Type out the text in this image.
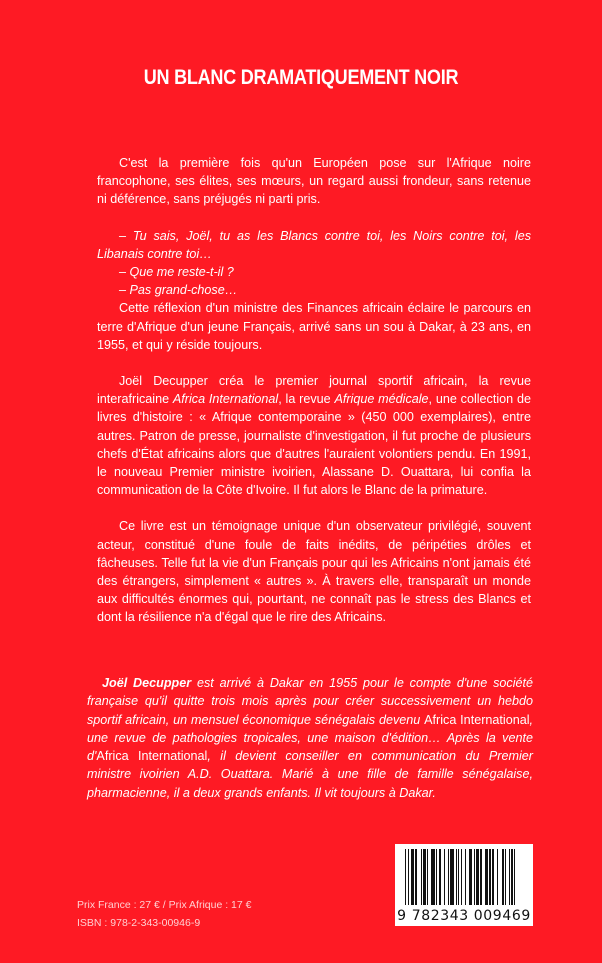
UN BLANC DRAMATIQUEMENT NOIR

C'est la première fois qu'un Européen pose sur l'Afrique noire francophone, ses élites, ses mœurs, un regard aussi frondeur, sans retenue ni déférence, sans préjugés ni parti pris.

– Tu sais, Joël, tu as les Blancs contre toi, les Noirs contre toi, les Libanais contre toi…

– Que me reste-t-il ?

– Pas grand-chose…

Cette réflexion d'un ministre des Finances africain éclaire le parcours en terre d'Afrique d'un jeune Français, arrivé sans un sou à Dakar, à 23 ans, en 1955, et qui y réside toujours.

Joël Decupper créa le premier journal sportif africain, la revue interafricaine Africa International, la revue Afrique médicale, une collection de livres d'histoire : « Afrique contemporaine » (450 000 exemplaires), entre autres. Patron de presse, journaliste d'investigation, il fut proche de plusieurs chefs d'État africains alors que d'autres l'auraient volontiers pendu. En 1991, le nouveau Premier ministre ivoirien, Alassane D. Ouattara, lui confia la communication de la Côte d'Ivoire. Il fut alors le Blanc de la primature.

Ce livre est un témoignage unique d'un observateur privilégié, souvent acteur, constitué d'une foule de faits inédits, de péripéties drôles et fâcheuses. Telle fut la vie d'un Français pour qui les Africains n'ont jamais été des étrangers, simplement « autres ». À travers elle, transparaît un monde aux difficultés énormes qui, pourtant, ne connaît pas le stress des Blancs et dont la résilience n'a d'égal que le rire des Africains.

Joël Decupper est arrivé à Dakar en 1955 pour le compte d'une société française qu'il quitte trois mois après pour créer successivement un hebdo sportif africain, un mensuel économique sénégalais devenu Africa International, une revue de pathologies tropicales, une maison d'édition… Après la vente d'Africa International, il devient conseiller en communication du Premier ministre ivoirien A.D. Ouattara. Marié à une fille de famille sénégalaise, pharmacienne, il a deux grands enfants. Il vit toujours à Dakar.

Prix France : 27 € / Prix Afrique : 17 €
ISBN : 978-2-343-00946-9	9 782343 009469
